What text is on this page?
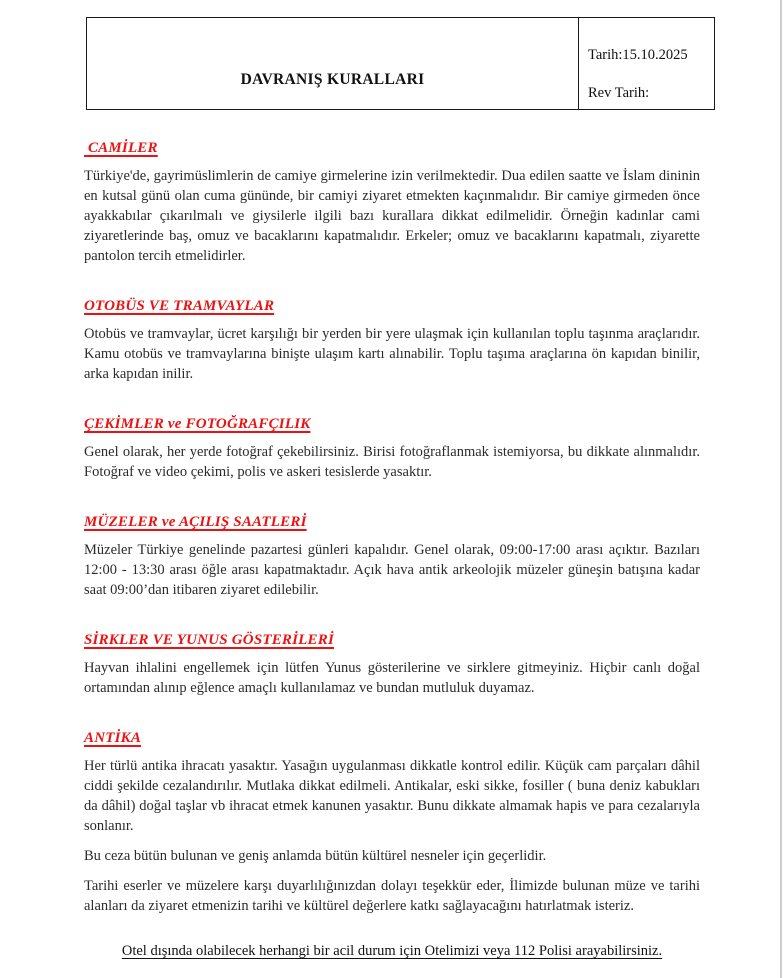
DAVRANIŞ KURALLARI
Tarih:15.10.2025
Rev Tarih:
CAMİLER

Türkiye'de, gayrimüslimlerin de camiye girmelerine izin verilmektedir. Dua edilen saatte ve İslam dininin en kutsal günü olan cuma gününde, bir camiyi ziyaret etmekten kaçınmalıdır. Bir camiye girmeden önce ayakkabılar çıkarılmalı ve giysilerle ilgili bazı kurallara dikkat edilmelidir. Örneğin kadınlar cami ziyaretlerinde baş, omuz ve bacaklarını kapatmalıdır. Erkeler; omuz ve bacaklarını kapatmalı, ziyarette pantolon tercih etmelidirler.

OTOBÜS VE TRAMVAYLAR

Otobüs ve tramvaylar, ücret karşılığı bir yerden bir yere ulaşmak için kullanılan toplu taşınma araçlarıdır. Kamu otobüs ve tramvaylarına binişte ulaşım kartı alınabilir. Toplu taşıma araçlarına ön kapıdan binilir, arka kapıdan inilir.

ÇEKİMLER ve FOTOĞRAFÇILIK

Genel olarak, her yerde fotoğraf çekebilirsiniz. Birisi fotoğraflanmak istemiyorsa, bu dikkate alınmalıdır. Fotoğraf ve video çekimi, polis ve askeri tesislerde yasaktır.

MÜZELER ve AÇILIŞ SAATLERİ

Müzeler Türkiye genelinde pazartesi günleri kapalıdır. Genel olarak, 09:00-17:00 arası açıktır. Bazıları 12:00 - 13:30 arası öğle arası kapatmaktadır. Açık hava antik arkeolojik müzeler güneşin batışına kadar saat 09:00’dan itibaren ziyaret edilebilir.

SİRKLER VE YUNUS GÖSTERİLERİ

Hayvan ihlalini engellemek için lütfen Yunus gösterilerine ve sirklere gitmeyiniz. Hiçbir canlı doğal ortamından alınıp eğlence amaçlı kullanılamaz ve bundan mutluluk duyamaz.

ANTİKA

Her türlü antika ihracatı yasaktır. Yasağın uygulanması dikkatle kontrol edilir. Küçük cam parçaları dâhil ciddi şekilde cezalandırılır. Mutlaka dikkat edilmeli. Antikalar, eski sikke, fosiller ( buna deniz kabukları da dâhil) doğal taşlar vb ihracat etmek kanunen yasaktır. Bunu dikkate almamak hapis ve para cezalarıyla sonlanır.

Bu ceza bütün bulunan ve geniş anlamda bütün kültürel nesneler için geçerlidir.

Tarihi eserler ve müzelere karşı duyarlılığınızdan dolayı teşekkür eder, İlimizde bulunan müze ve tarihi alanları da ziyaret etmenizin tarihi ve kültürel değerlere katkı sağlayacağını hatırlatmak isteriz.

Otel dışında olabilecek herhangi bir acil durum için Otelimizi veya 112 Polisi arayabilirsiniz.
